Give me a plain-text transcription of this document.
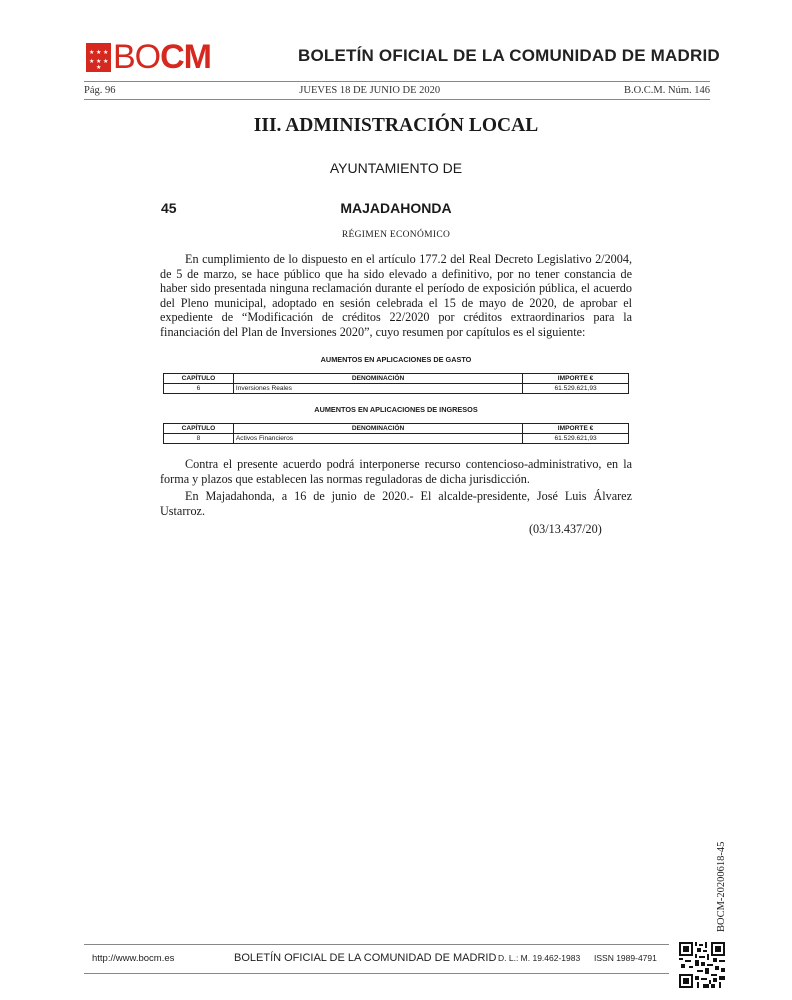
★ ★ ★
★ ★ ★
★ BOCM	BOLETÍN OFICIAL DE LA COMUNIDAD DE MADRID
Pág. 96	JUEVES 18 DE JUNIO DE 2020	B.O.C.M. Núm. 146
III. ADMINISTRACIÓN LOCAL
AYUNTAMIENTO DE
45	MAJADAHONDA
RÉGIMEN ECONÓMICO

En cumplimiento de lo dispuesto en el artículo 177.2 del Real Decreto Legislativo 2/2004, de 5 de marzo, se hace público que ha sido elevado a definitivo, por no tener constancia de haber sido presentada ninguna reclamación durante el período de exposición pública, el acuerdo del Pleno municipal, adoptado en sesión celebrada el 15 de mayo de 2020, de aprobar el expediente de “Modificación de créditos 22/2020 por créditos extraordinarios para la financiación del Plan de Inversiones 2020”, cuyo resumen por capítulos es el siguiente:

AUMENTOS EN APLICACIONES DE GASTO
CAPÍTULO	DENOMINACIÓN	IMPORTE €
6	Inversiones Reales	61.529.621,93
AUMENTOS EN APLICACIONES DE INGRESOS
CAPÍTULO	DENOMINACIÓN	IMPORTE €
8	Activos Financieros	61.529.621,93

Contra el presente acuerdo podrá interponerse recurso contencioso-administrativo, en la forma y plazos que establecen las normas reguladoras de dicha jurisdicción.

En Majadahonda, a 16 de junio de 2020.- El alcalde-presidente, José Luis Álvarez Ustarroz.

(03/13.437/20)
BOCM-20200618-45
http://www.bocm.es	BOLETÍN OFICIAL DE LA COMUNIDAD DE MADRID D. L.: M. 19.462-1983 ISSN 1989-4791
